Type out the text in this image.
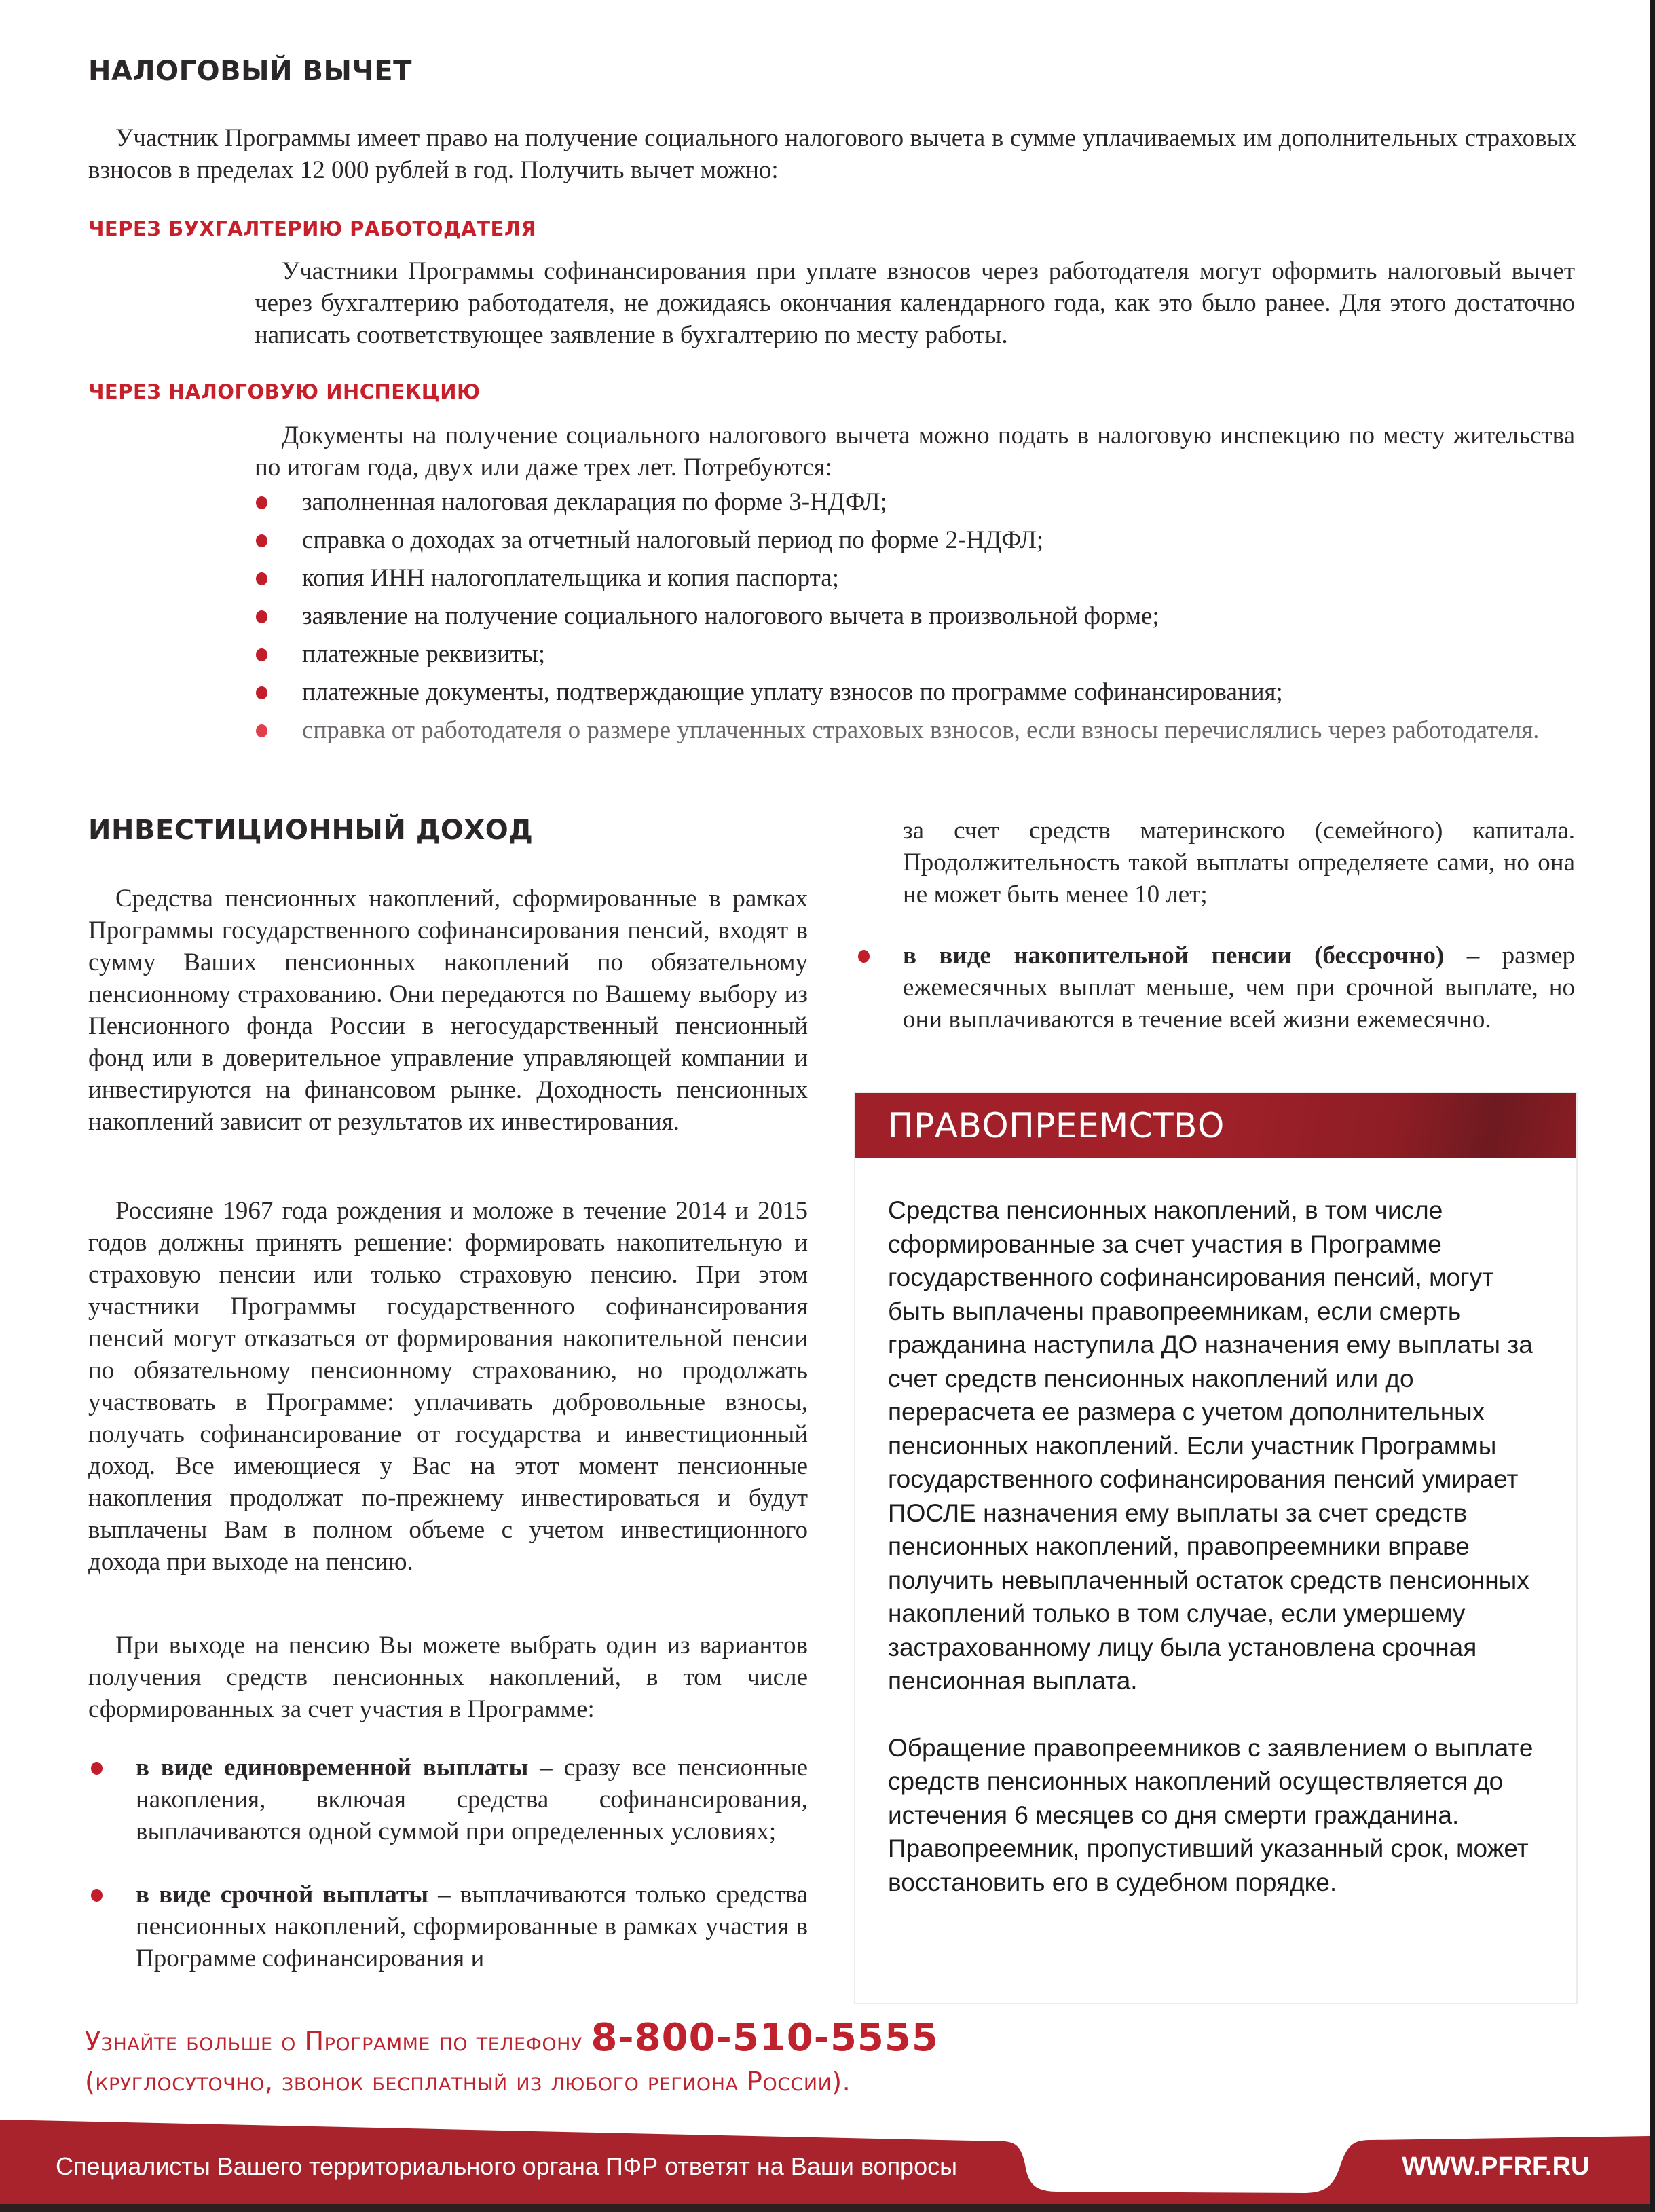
НАЛОГОВЫЙ ВЫЧЕТ

Участник Программы имеет право на получение социального налогового вычета в сумме уплачиваемых им дополнительных страховых взносов в пределах 12 000 рублей в год. Получить вычет можно:

ЧЕРЕЗ БУХГАЛТЕРИЮ РАБОТОДАТЕЛЯ

Участники Программы софинансирования при уплате взносов через работодателя могут оформить налоговый вычет через бухгалтерию работодателя, не дожидаясь окончания календарного года, как это было ранее. Для этого достаточно написать соответствующее заявление в бухгалтерию по месту работы.

ЧЕРЕЗ НАЛОГОВУЮ ИНСПЕКЦИЮ

Документы на получение социального налогового вычета можно подать в налоговую инспекцию по месту жительства по итогам года, двух или даже трех лет. Потребуются:

заполненная налоговая декларация по форме 3-НДФЛ;
справка о доходах за отчетный налоговый период по форме 2-НДФЛ;
копия ИНН налогоплательщика и копия паспорта;
заявление на получение социального налогового вычета в произвольной форме;
платежные реквизиты;
платежные документы, подтверждающие уплату взносов по программе софинансирования;
справка от работодателя о размере уплаченных страховых взносов, если взносы перечислялись через работодателя.
ИНВЕСТИЦИОННЫЙ ДОХОД

Средства пенсионных накоплений, сформированные в рамках Программы государственного софинансирования пенсий, входят в сумму Ваших пенсионных накоплений по обязательному пенсионному страхованию. Они передаются по Вашему выбору из Пенсионного фонда России в негосударственный пенсионный фонд или в доверительное управление управляющей компании и инвестируются на финансовом рынке. Доходность пенсионных накоплений зависит от результатов их инвестирования.

Россияне 1967 года рождения и моложе в течение 2014 и 2015 годов должны принять решение: формировать накопительную и страховую пенсии или только страховую пенсию. При этом участники Программы государственного софинансирования пенсий могут отказаться от формирования накопительной пенсии по обязательному пенсионному страхованию, но продолжать участвовать в Программе: уплачивать добровольные взносы, получать софинансирование от государства и инвестиционный доход. Все имеющиеся у Вас на этот момент пенсионные накопления продолжат по-прежнему инвестироваться и будут выплачены Вам в полном объеме с учетом инвестиционного дохода при выходе на пенсию.

При выходе на пенсию Вы можете выбрать один из вариантов получения средств пенсионных накоплений, в том числе сформированных за счет участия в Программе:

в виде единовременной выплаты – сразу все пенсионные накопления, включая средства софинансирования, выплачиваются одной суммой при определенных условиях;
в виде срочной выплаты – выплачиваются только средства пенсионных накоплений, сформированные в рамках участия в Программе софинансирования и

за счет средств материнского (семейного) капитала. Продолжительность такой выплаты определяете сами, но она не может быть менее 10 лет;

в виде накопительной пенсии (бессрочно) – размер ежемесячных выплат меньше, чем при срочной выплате, но они выплачиваются в течение всей жизни ежемесячно.
ПРАВОПРЕЕМСТВО

Средства пенсионных накоплений, в том числе сформированные за счет участия в Программе государственного софинансирования пенсий, могут быть выплачены правопреемникам, если смерть гражданина наступила ДО назначения ему выплаты за счет средств пенсионных накоплений или до перерасчета ее размера с учетом дополнительных пенсионных накоплений. Если участник Программы государственного софинансирования пенсий умирает ПОСЛЕ назначения ему выплаты за счет средств пенсионных накоплений, правопреемники вправе получить невыплаченный остаток средств пенсионных накоплений только в том случае, если умершему застрахованному лицу была установлена срочная пенсионная выплата.

Обращение правопреемников с заявлением о выплате средств пенсионных накоплений осуществляется до истечения 6 месяцев со дня смерти гражданина. Правопреемник, пропустивший указанный срок, может восстановить его в судебном порядке.

Узнайте больше о Программе по телефону 8-800-510-5555
(круглосуточно, звонок бесплатный из любого региона России).
Специалисты Вашего территориального органа ПФР ответят на Ваши вопросы	тел.:	WWW.PFRF.RU
